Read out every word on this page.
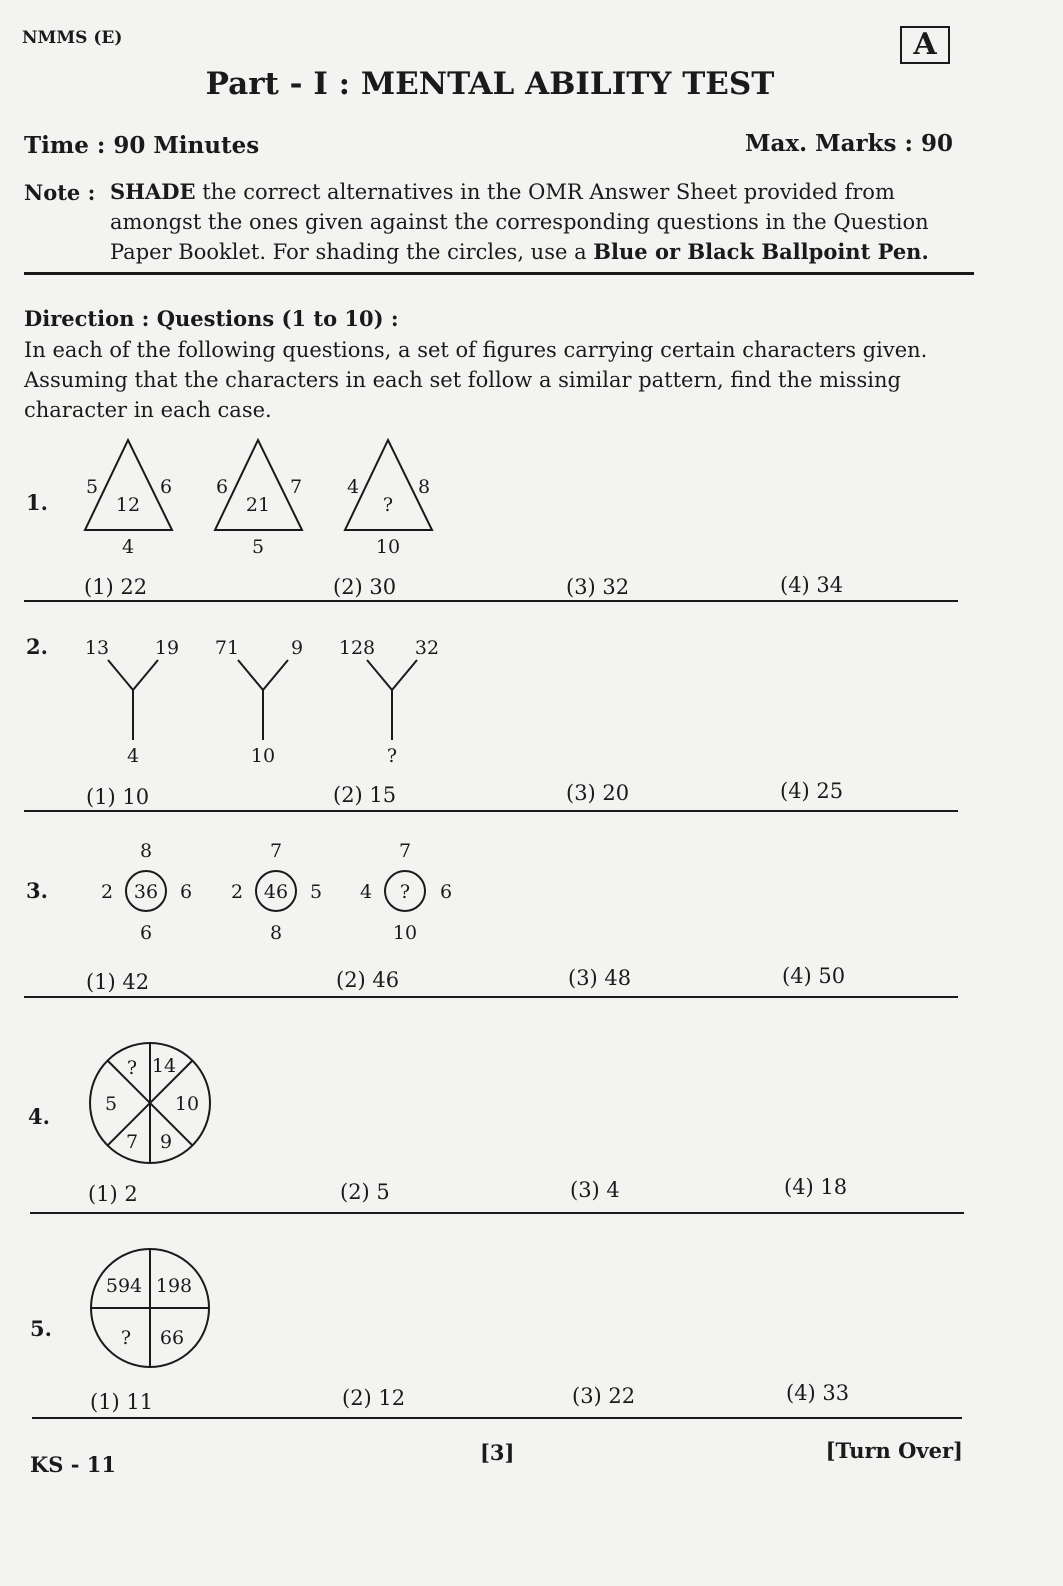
NMMS (E)	A
Part - I : MENTAL ABILITY TEST
Time : 90 Minutes	Max. Marks : 90
Note : SHADE the correct alternatives in the OMR Answer Sheet provided from amongst the ones given against the corresponding questions in the Question Paper Booklet. For shading the circles, use a Blue or Black Ballpoint Pen.
Direction : Questions (1 to 10) :
In each of the following questions, a set of figures carrying certain characters given. Assuming that the characters in each set follow a similar pattern, find the missing character in each case.
1.
5	6
12
4
6	7
21
5
4	8
?
10
(1) 22	(2) 30	(3) 32	(4) 34
2. 13 19
4
71	9
10
128 32
?
(1) 10	(2) 15	(3) 20	(4) 25
3.
8
2 36 6
6
7
2 46 5
8
7
4 ? 6
10
(1) 42	(2) 46	(3) 48	(4) 50
4.
? 14
5	10
7 9
(1) 2	(2) 5	(3) 4	(4) 18
5.
594 198
? 66
(1) 11	(2) 12	(3) 22	(4) 33
KS - 11	[3]	[Turn Over]
